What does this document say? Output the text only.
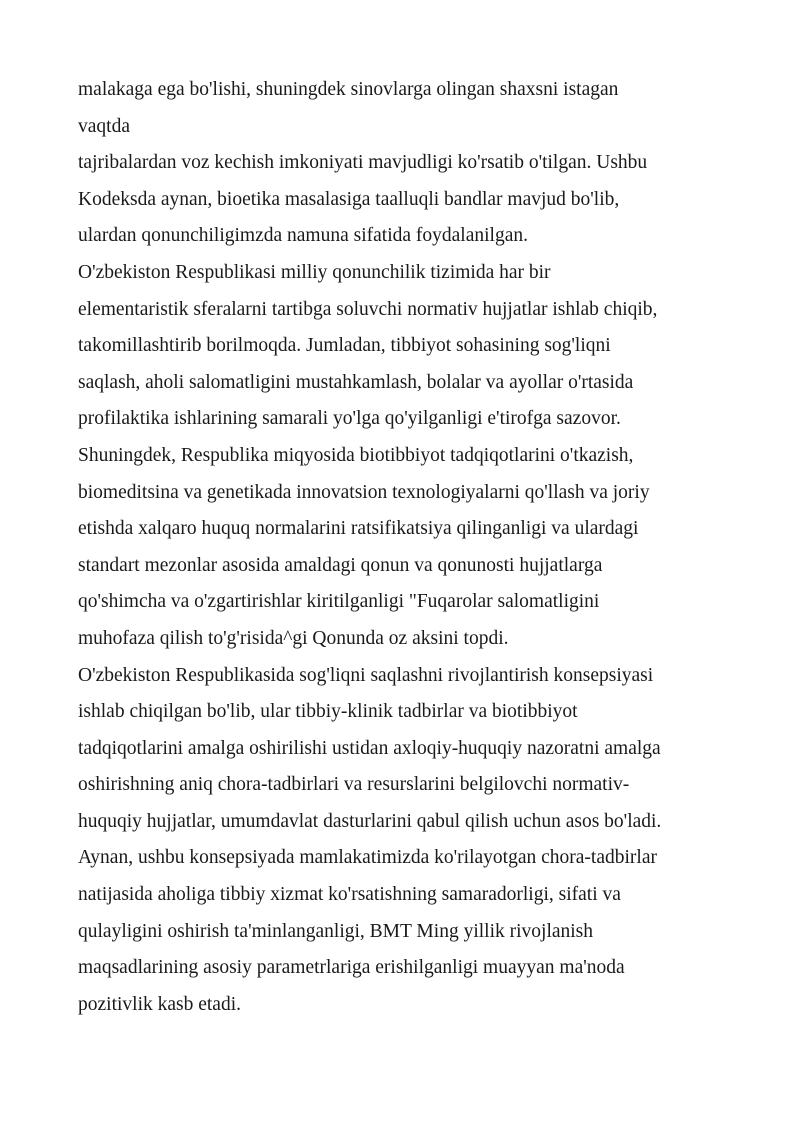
malakaga ega bo'lishi, shuningdek sinovlarga olingan shaxsni istagan
vaqtda
tajribalardan voz kechish imkoniyati mavjudligi ko'rsatib o'tilgan. Ushbu
Kodeksda aynan, bioetika masalasiga taalluqli bandlar mavjud bo'lib,
ulardan qonunchiligimzda namuna sifatida foydalanilgan.
O'zbekiston Respublikasi milliy qonunchilik tizimida har bir
elementaristik sferalarni tartibga soluvchi normativ hujjatlar ishlab chiqib,
takomillashtirib borilmoqda. Jumladan, tibbiyot sohasining sog'liqni
saqlash, aholi salomatligini mustahkamlash, bolalar va ayollar o'rtasida
profilaktika ishlarining samarali yo'lga qo'yilganligi e'tirofga sazovor.
Shuningdek, Respublika miqyosida biotibbiyot tadqiqotlarini o'tkazish,
biomeditsina va genetikada innovatsion texnologiyalarni qo'llash va joriy
etishda xalqaro huquq normalarini ratsifikatsiya qilinganligi va ulardagi
standart mezonlar asosida amaldagi qonun va qonunosti hujjatlarga
qo'shimcha va o'zgartirishlar kiritilganligi "Fuqarolar salomatligini
muhofaza qilish to'g'risida^gi Qonunda oz aksini topdi.
O'zbekiston Respublikasida sog'liqni saqlashni rivojlantirish konsepsiyasi
ishlab chiqilgan bo'lib, ular tibbiy-klinik tadbirlar va biotibbiyot
tadqiqotlarini amalga oshirilishi ustidan axloqiy-huquqiy nazoratni amalga
oshirishning aniq chora-tadbirlari va resurslarini belgilovchi normativ-
huquqiy hujjatlar, umumdavlat dasturlarini qabul qilish uchun asos bo'ladi.
Aynan, ushbu konsepsiyada mamlakatimizda ko'rilayotgan chora-tadbirlar
natijasida aholiga tibbiy xizmat ko'rsatishning samaradorligi, sifati va
qulayligini oshirish ta'minlanganligi, BMT Ming yillik rivojlanish
maqsadlarining asosiy parametrlariga erishilganligi muayyan ma'noda
pozitivlik kasb etadi.
